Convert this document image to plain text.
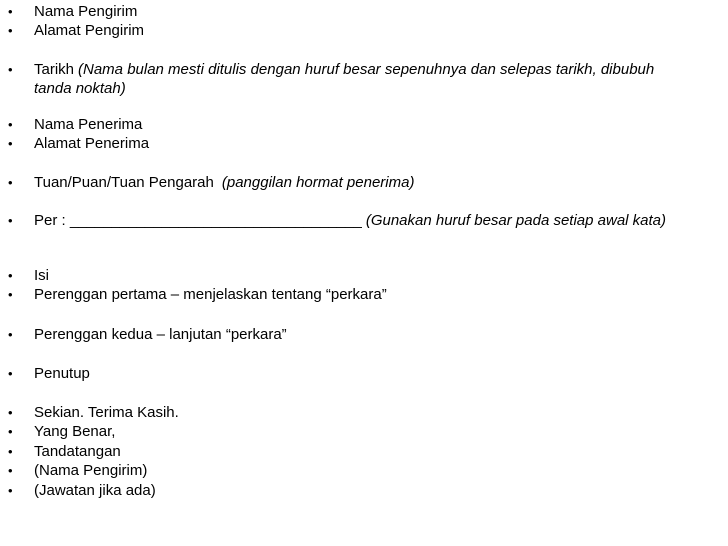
•	Nama Pengirim
•	Alamat Pengirim
•	Tarikh (Nama bulan mesti ditulis dengan huruf besar sepenuhnya dan selepas tarikh, dibubuh tanda noktah)
•	Nama Penerima
•	Alamat Penerima
•	Tuan/Puan/Tuan Pengarah (panggilan hormat penerima)
•	Per : ___________________________________ (Gunakan huruf besar pada setiap awal kata)
•	Isi
•	Perenggan pertama – menjelaskan tentang “perkara”
•	Perenggan kedua – lanjutan “perkara”
•	Penutup
•	Sekian. Terima Kasih.
•	Yang Benar,
•	Tandatangan
•	(Nama Pengirim)
•	(Jawatan jika ada)
